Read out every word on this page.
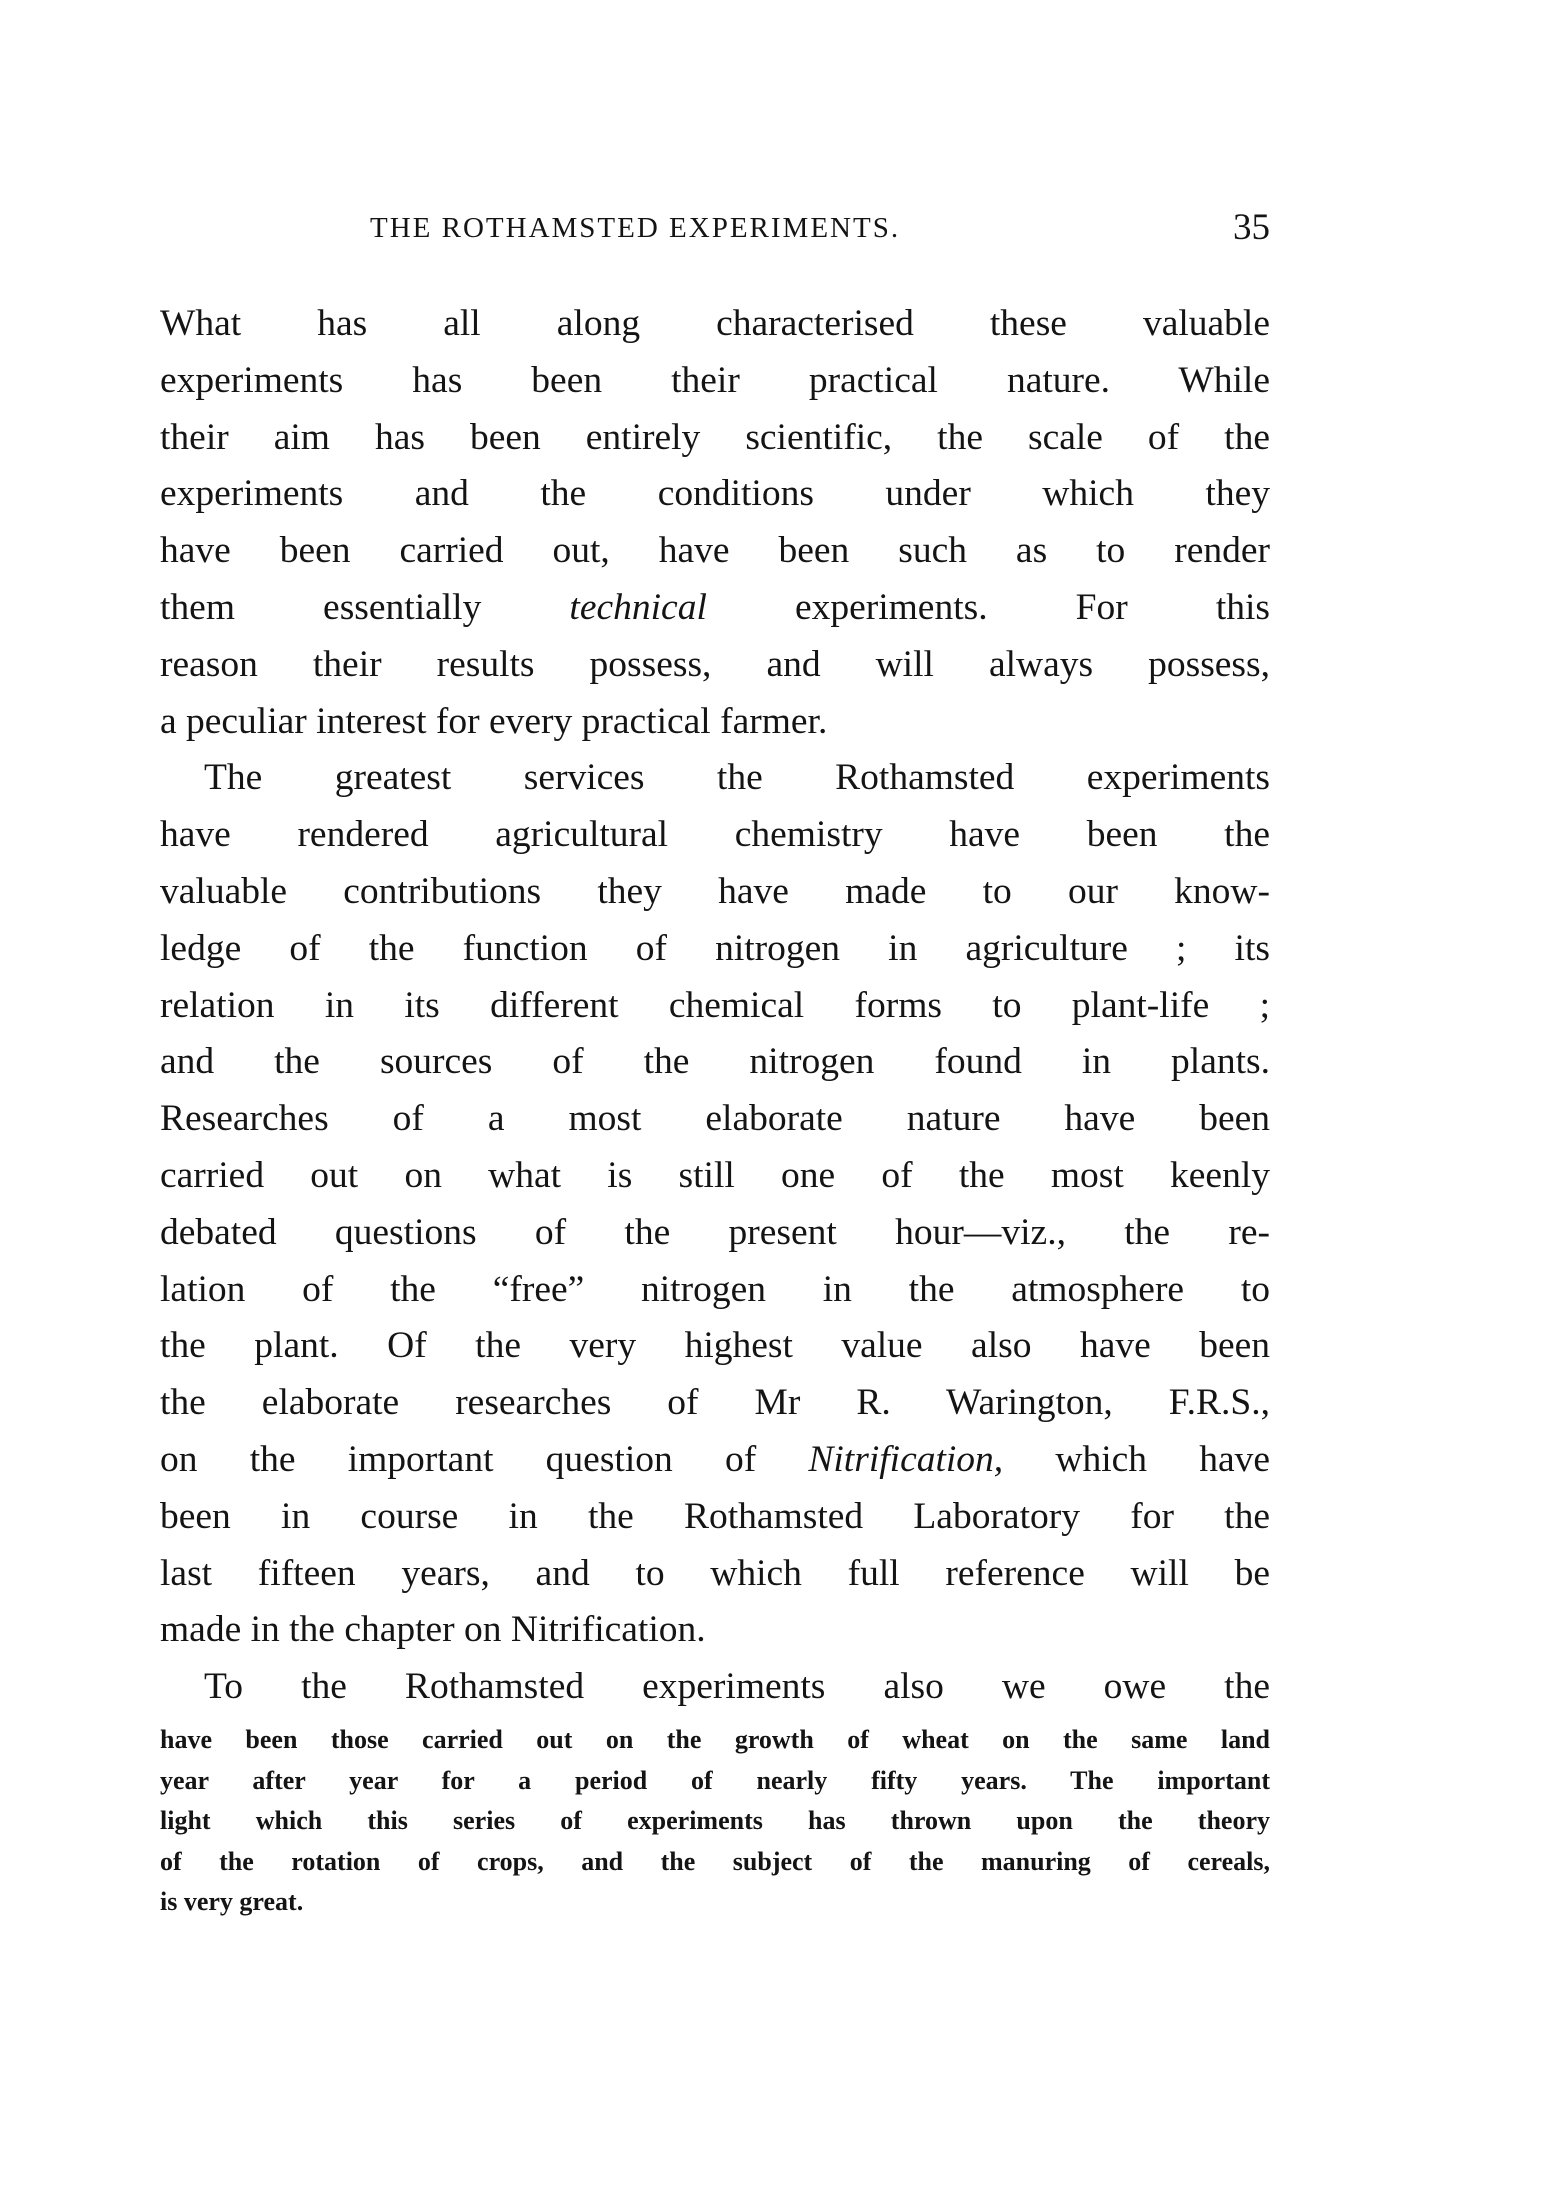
THE ROTHAMSTED EXPERIMENTS.	35
What has all along characterised these valuable
experiments has been their practical nature. While
their aim has been entirely scientific, the scale of the
experiments and the conditions under which they
have been carried out, have been such as to render
them essentially technical experiments. For this
reason their results possess, and will always possess,
a peculiar interest for every practical farmer.
The greatest services the Rothamsted experiments
have rendered agricultural chemistry have been the
valuable contributions they have made to our know-
ledge of the function of nitrogen in agriculture ; its
relation in its different chemical forms to plant-life ;
and the sources of the nitrogen found in plants.
Researches of a most elaborate nature have been
carried out on what is still one of the most keenly
debated questions of the present hour—viz., the re-
lation of the “free” nitrogen in the atmosphere to
the plant. Of the very highest value also have been
the elaborate researches of Mr R. Warington, F.R.S.,
on the important question of Nitrification, which have
been in course in the Rothamsted Laboratory for the
last fifteen years, and to which full reference will be
made in the chapter on Nitrification.
To the Rothamsted experiments also we owe the
have been those carried out on the growth of wheat on the same land
year after year for a period of nearly fifty years. The important
light which this series of experiments has thrown upon the theory
of the rotation of crops, and the subject of the manuring of cereals,
is very great.
